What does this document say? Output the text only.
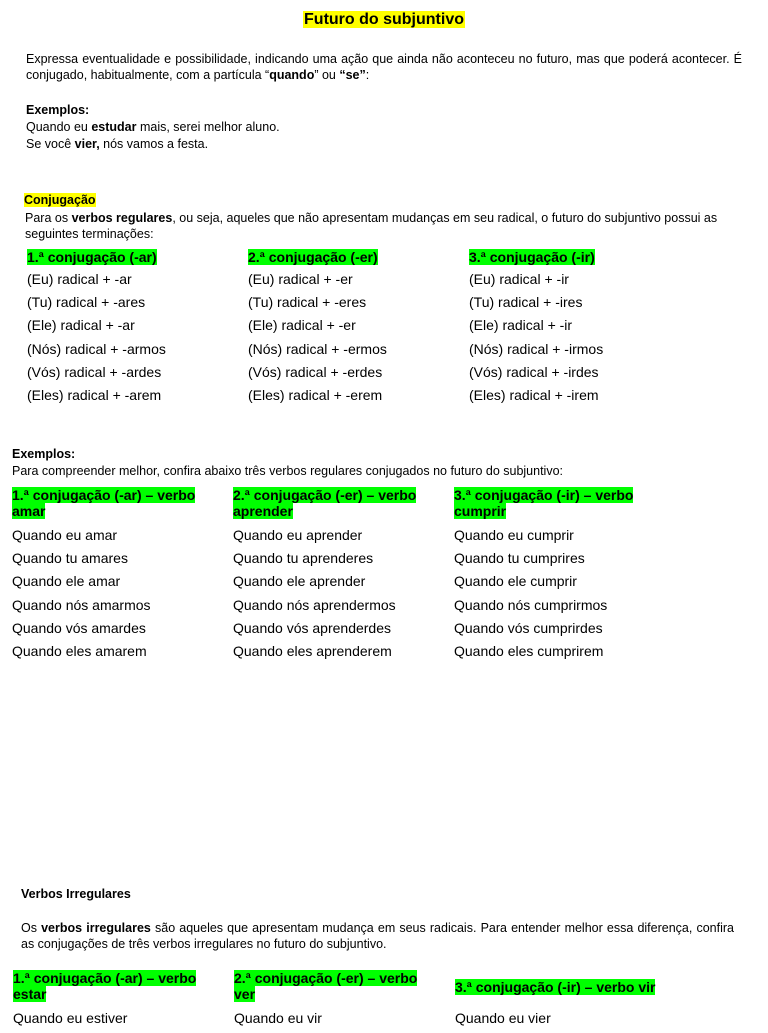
Futuro do subjuntivo
Expressa eventualidade e possibilidade, indicando uma ação que ainda não aconteceu no futuro, mas que poderá acontecer. É conjugado, habitualmente, com a partícula “quando” ou “se”:
Exemplos:
Quando eu estudar mais, serei melhor aluno.
Se você vier, nós vamos a festa.
Conjugação
Para os verbos regulares, ou seja, aqueles que não apresentam mudanças em seu radical, o futuro do subjuntivo possui as seguintes terminações:
1.ª conjugação (-ar)
(Eu) radical + -ar
(Tu) radical + -ares
(Ele) radical + -ar
(Nós) radical + -armos
(Vós) radical + -ardes
(Eles) radical + -arem
2.ª conjugação (-er)
(Eu) radical + -er
(Tu) radical + -eres
(Ele) radical + -er
(Nós) radical + -ermos
(Vós) radical + -erdes
(Eles) radical + -erem
3.ª conjugação (-ir)
(Eu) radical + -ir
(Tu) radical + -ires
(Ele) radical + -ir
(Nós) radical + -irmos
(Vós) radical + -irdes
(Eles) radical + -irem
Exemplos:
Para compreender melhor, confira abaixo três verbos regulares conjugados no futuro do subjuntivo:
1.ª conjugação (-ar) – verbo amar
Quando eu amar
Quando tu amares
Quando ele amar
Quando nós amarmos
Quando vós amardes
Quando eles amarem
2.ª conjugação (-er) – verbo aprender
Quando eu aprender
Quando tu aprenderes
Quando ele aprender
Quando nós aprendermos
Quando vós aprenderdes
Quando eles aprenderem
3.ª conjugação (-ir) – verbo cumprir
Quando eu cumprir
Quando tu cumprires
Quando ele cumprir
Quando nós cumprirmos
Quando vós cumprirdes
Quando eles cumprirem
Verbos Irregulares
Os verbos irregulares são aqueles que apresentam mudança em seus radicais. Para entender melhor essa diferença, confira as conjugações de três verbos irregulares no futuro do subjuntivo.
1.ª conjugação (-ar) – verbo estar
Quando eu estiver
2.ª conjugação (-er) – verbo ver
Quando eu vir
3.ª conjugação (-ir) – verbo vir
Quando eu vier
